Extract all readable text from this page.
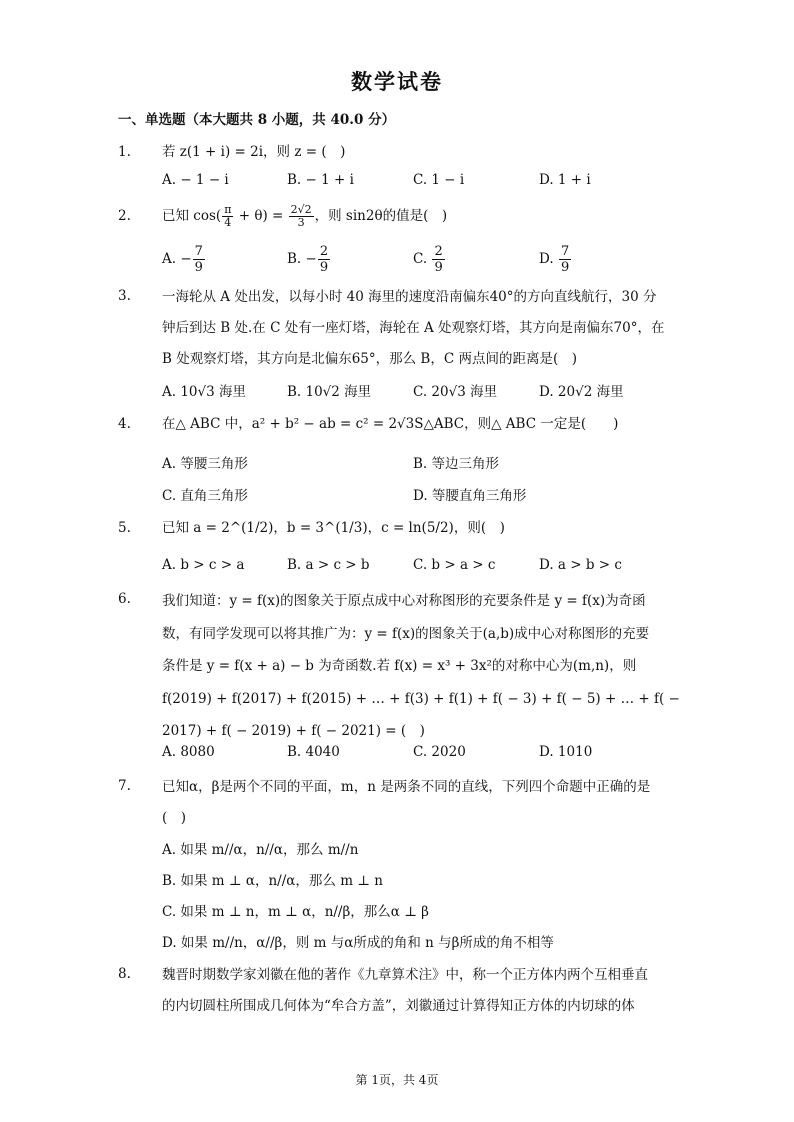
数学试卷
一、单选题（本大题共 8 小题，共 40.0 分）
1.	若 z(1 + i) = 2i，则 z = (　)
A. − 1 − i	B. − 1 + i	C. 1 − i	D. 1 + i
2.	已知 $\cos( \frac{\pi}{4} + \theta) = \frac{2√2}{3}$ ，则 sin2θ的值是(　)
A. − $\frac{7}{9}$	B. − $\frac{2}{9}$	C. $\frac{2}{9}$	D. $\frac{7}{9}$
3.	一海轮从 A 处出发，以每小时 40 海里的速度沿南偏东40°的方向直线航行，30 分
钟后到达 B 处.在 C 处有一座灯塔，海轮在 A 处观察灯塔，其方向是南偏东70°，在
B 处观察灯塔，其方向是北偏东65°，那么 B，C 两点间的距离是(　)
A. 10√3 海里	B. 10√2 海里	C. 20√3 海里	D. 20√2 海里
4.	在△ ABC 中，a² + b² − ab = c² = 2√3S△ABC，则△ ABC 一定是(　　)
A. 等腰三角形	B. 等边三角形
C. 直角三角形	D. 等腰直角三角形
5.	已知 a = 2^(1/2)，b = 3^(1/3)，c = ln(5/2)，则(　)
A. b > c > a	B. a > c > b	C. b > a > c	D. a > b > c
6.	我们知道：y = f(x)的图象关于原点成中心对称图形的充要条件是 y = f(x)为奇函
数，有同学发现可以将其推广为：y = f(x)的图象关于(a,b)成中心对称图形的充要
条件是 y = f(x + a) − b 为奇函数.若 f(x) = x³ + 3x²的对称中心为(m,n)，则
f(2019) + f(2017) + f(2015) + … + f(3) + f(1) + f( − 3) + f( − 5) + … + f( −
2017) + f( − 2019) + f( − 2021) = (　)
A. 8080	B. 4040	C. 2020	D. 1010
7.	已知α，β是两个不同的平面，m，n 是两条不同的直线，下列四个命题中正确的是
(　)
A. 如果 m//α，n//α，那么 m//n
B. 如果 m ⊥ α，n//α，那么 m ⊥ n
C. 如果 m ⊥ n，m ⊥ α，n//β，那么α ⊥ β
D. 如果 m//n，α//β，则 m 与α所成的角和 n 与β所成的角不相等
8.	魏晋时期数学家刘徽在他的著作《九章算术注》中，称一个正方体内两个互相垂直
的内切圆柱所围成几何体为“牟合方盖”，刘徽通过计算得知正方体的内切球的体
第 1页，共 4页
